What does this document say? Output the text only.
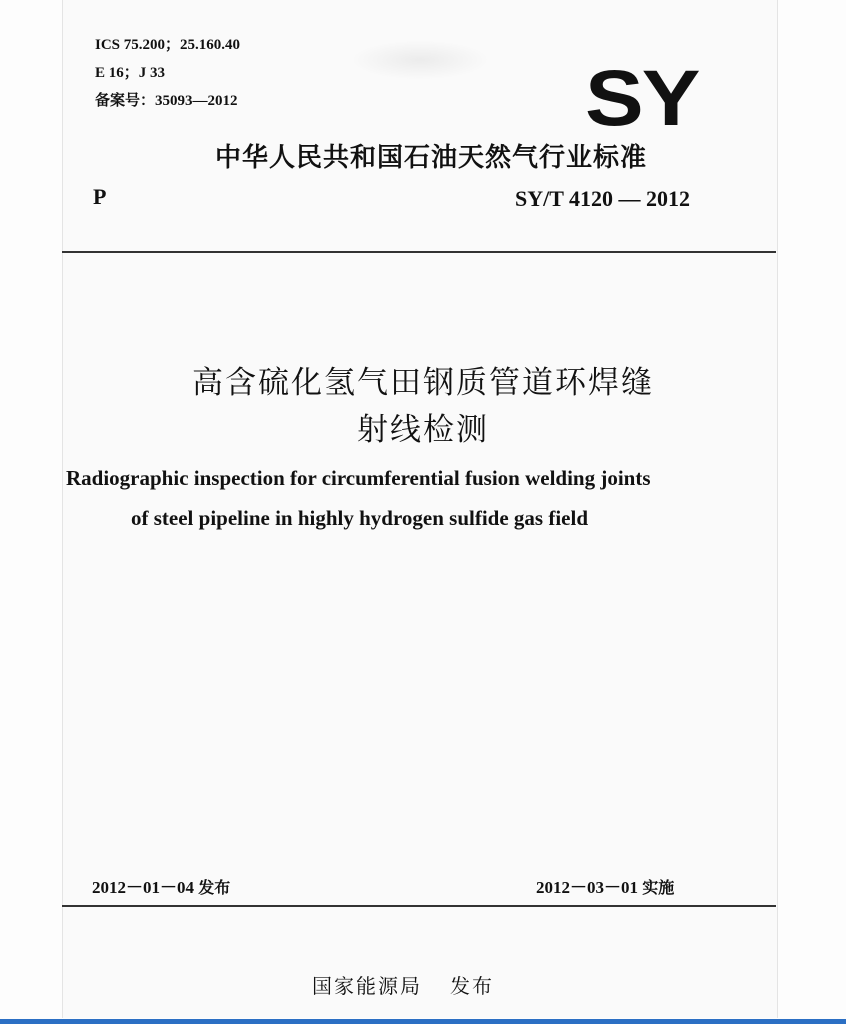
ICS 75.200；25.160.40
E 16；J 33
备案号：35093—2012	SY
中华人民共和国石油天然气行业标准
P	SY/T 4120 — 2012
高含硫化氢气田钢质管道环焊缝
射线检测
Radiographic inspection for circumferential fusion welding joints
of steel pipeline in highly hydrogen sulfide gas field
2012－01－04 发布	2012－03－01 实施
国家能源局 发布
